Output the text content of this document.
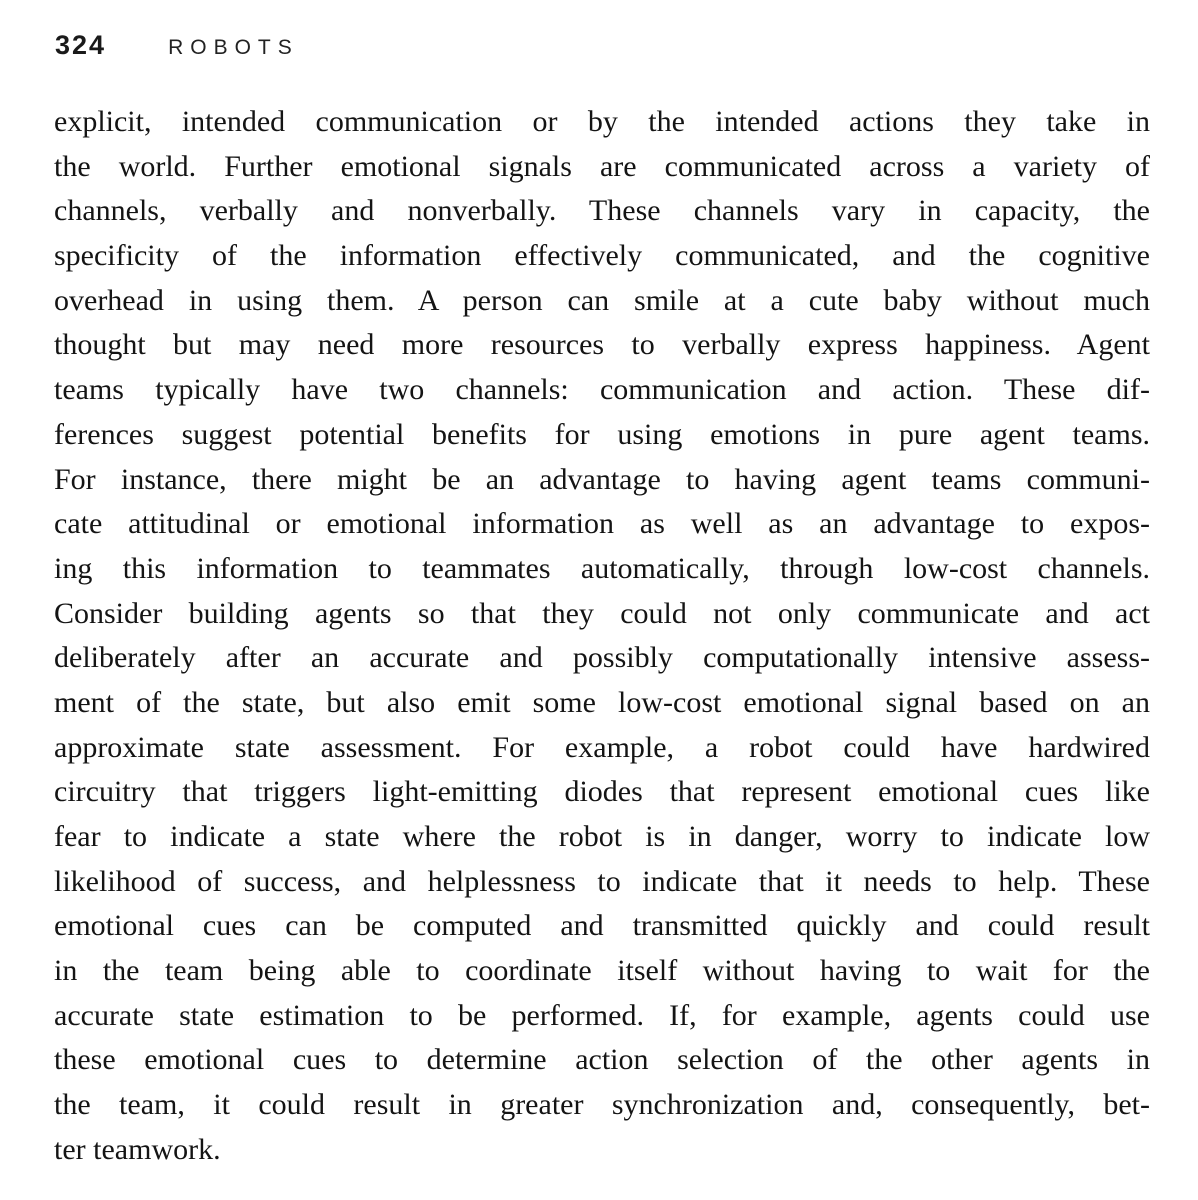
324	ROBOTS
explicit, intended communication or by the intended actions they take in
the world. Further emotional signals are communicated across a variety of
channels, verbally and nonverbally. These channels vary in capacity, the
specificity of the information effectively communicated, and the cognitive
overhead in using them. A person can smile at a cute baby without much
thought but may need more resources to verbally express happiness. Agent
teams typically have two channels: communication and action. These dif-
ferences suggest potential benefits for using emotions in pure agent teams.
For instance, there might be an advantage to having agent teams communi-
cate attitudinal or emotional information as well as an advantage to expos-
ing this information to teammates automatically, through low-cost channels.
Consider building agents so that they could not only communicate and act
deliberately after an accurate and possibly computationally intensive assess-
ment of the state, but also emit some low-cost emotional signal based on an
approximate state assessment. For example, a robot could have hardwired
circuitry that triggers light-emitting diodes that represent emotional cues like
fear to indicate a state where the robot is in danger, worry to indicate low
likelihood of success, and helplessness to indicate that it needs to help. These
emotional cues can be computed and transmitted quickly and could result
in the team being able to coordinate itself without having to wait for the
accurate state estimation to be performed. If, for example, agents could use
these emotional cues to determine action selection of the other agents in
the team, it could result in greater synchronization and, consequently, bet-
ter teamwork.
